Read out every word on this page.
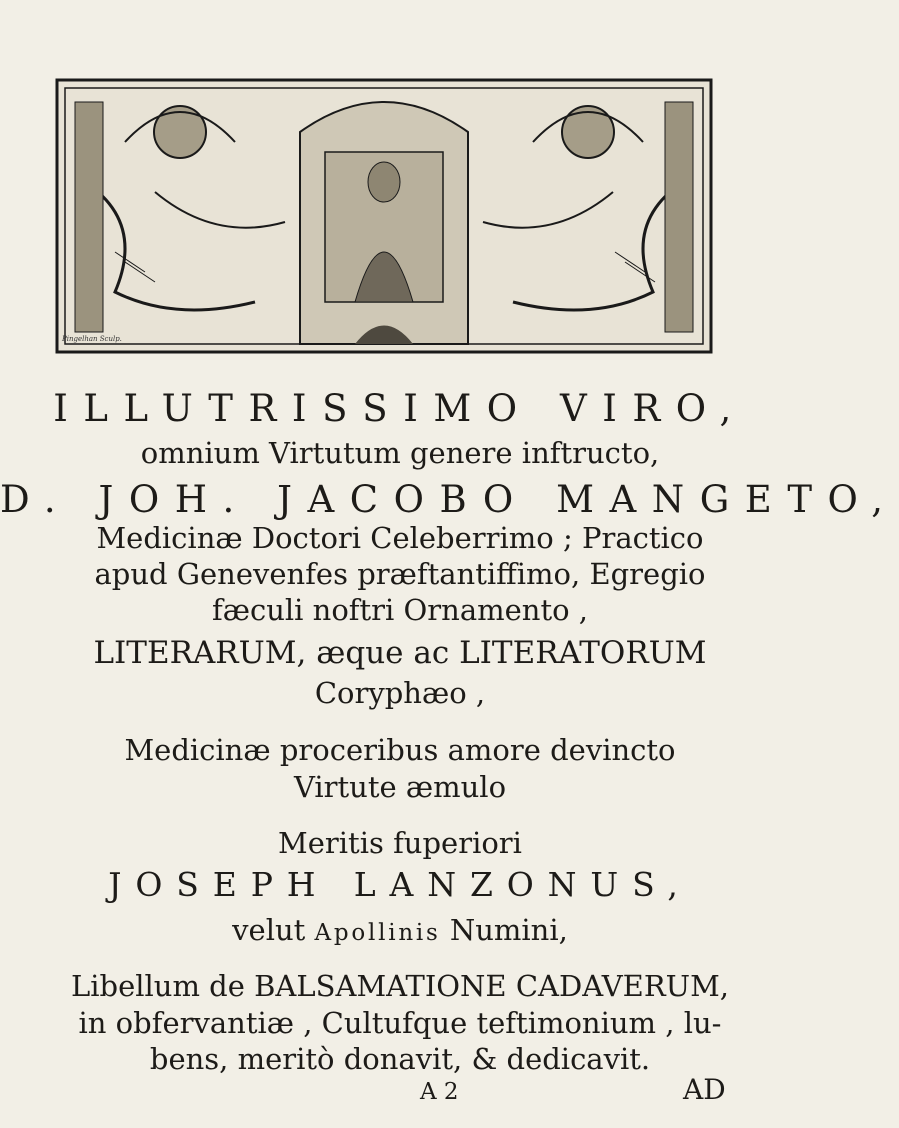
Pingelhan Sculp.
ILLUTRISSIMO VIRO,
omnium Virtutum genere inftructo,
D. JOH. JACOBO MANGETO,
Medicinæ Doctori Celeberrimo ; Practico
apud Genevenfes præftantiffimo, Egregio
fæculi noftri Ornamento ,
LITERARUM, æque ac LITERATORUM
Coryphæo ,
Medicinæ proceribus amore devincto
Virtute æmulo
Meritis fuperiori
JOSEPH LANZONUS,
velut Apollinis Numini,
Libellum de BALSAMATIONE CADAVERUM,
in obfervantiæ , Cultufque teftimonium , lu-
bens, meritò donavit, & dedicavit.
A 2	AD
